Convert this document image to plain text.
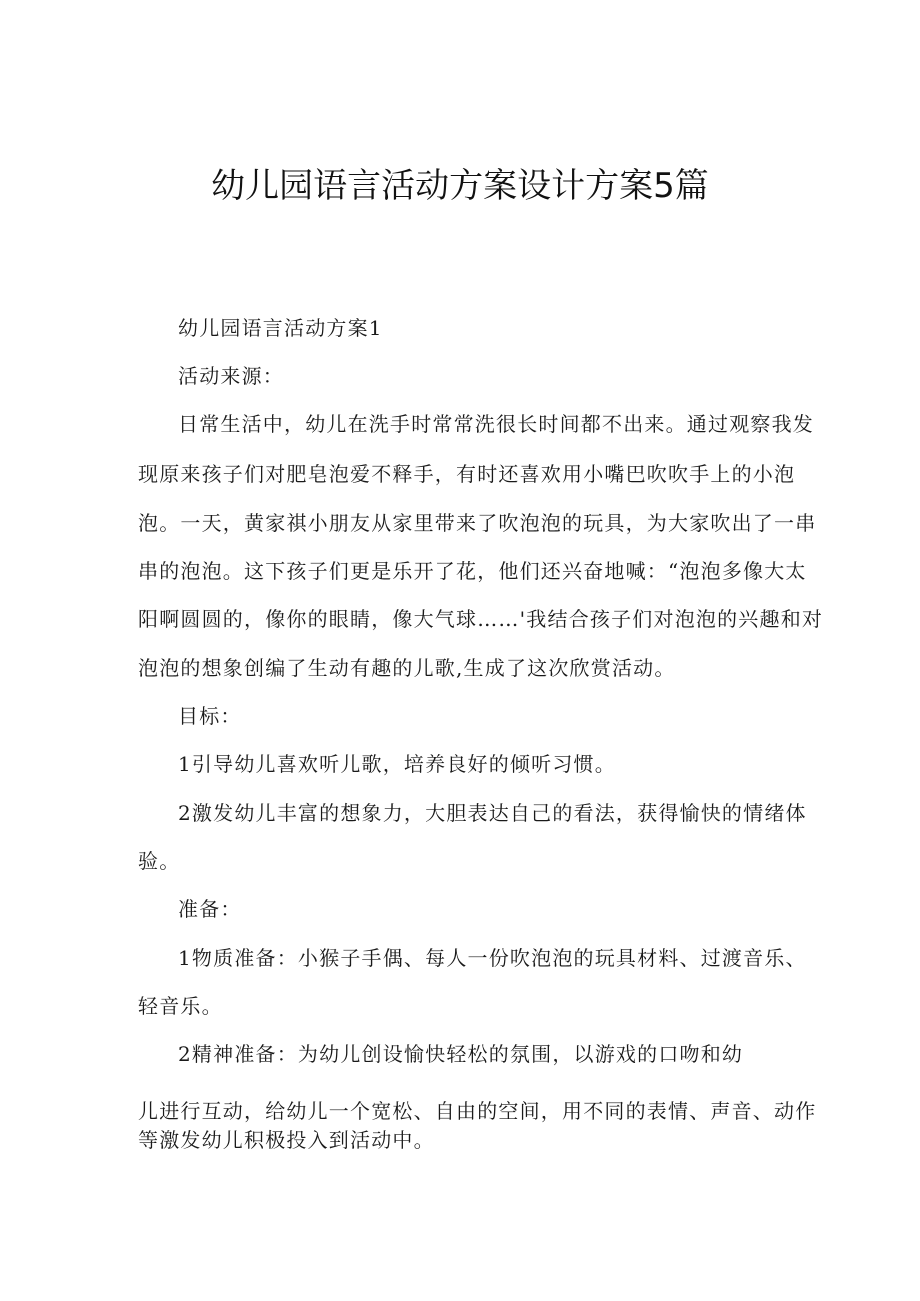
幼儿园语言活动方案设计方案5篇
幼儿园语言活动方案1
活动来源：
日常生活中，幼儿在洗手时常常洗很长时间都不出来。通过观察我发
现原来孩子们对肥皂泡爱不释手，有时还喜欢用小嘴巴吹吹手上的小泡
泡。一天，黄家祺小朋友从家里带来了吹泡泡的玩具，为大家吹出了一串
串的泡泡。这下孩子们更是乐开了花，他们还兴奋地喊：“泡泡多像大太
阳啊圆圆的，像你的眼睛，像大气球……'我结合孩子们对泡泡的兴趣和对
泡泡的想象创编了生动有趣的儿歌,生成了这次欣赏活动。
目标：
1引导幼儿喜欢听儿歌，培养良好的倾听习惯。
2激发幼儿丰富的想象力，大胆表达自己的看法，获得愉快的情绪体
验。
准备：
1物质准备：小猴子手偶、每人一份吹泡泡的玩具材料、过渡音乐、
轻音乐。
2精神准备：为幼儿创设愉快轻松的氛围，以游戏的口吻和幼
儿进行互动，给幼儿一个宽松、自由的空间，用不同的表情、声音、动作
等激发幼儿积极投入到活动中。
